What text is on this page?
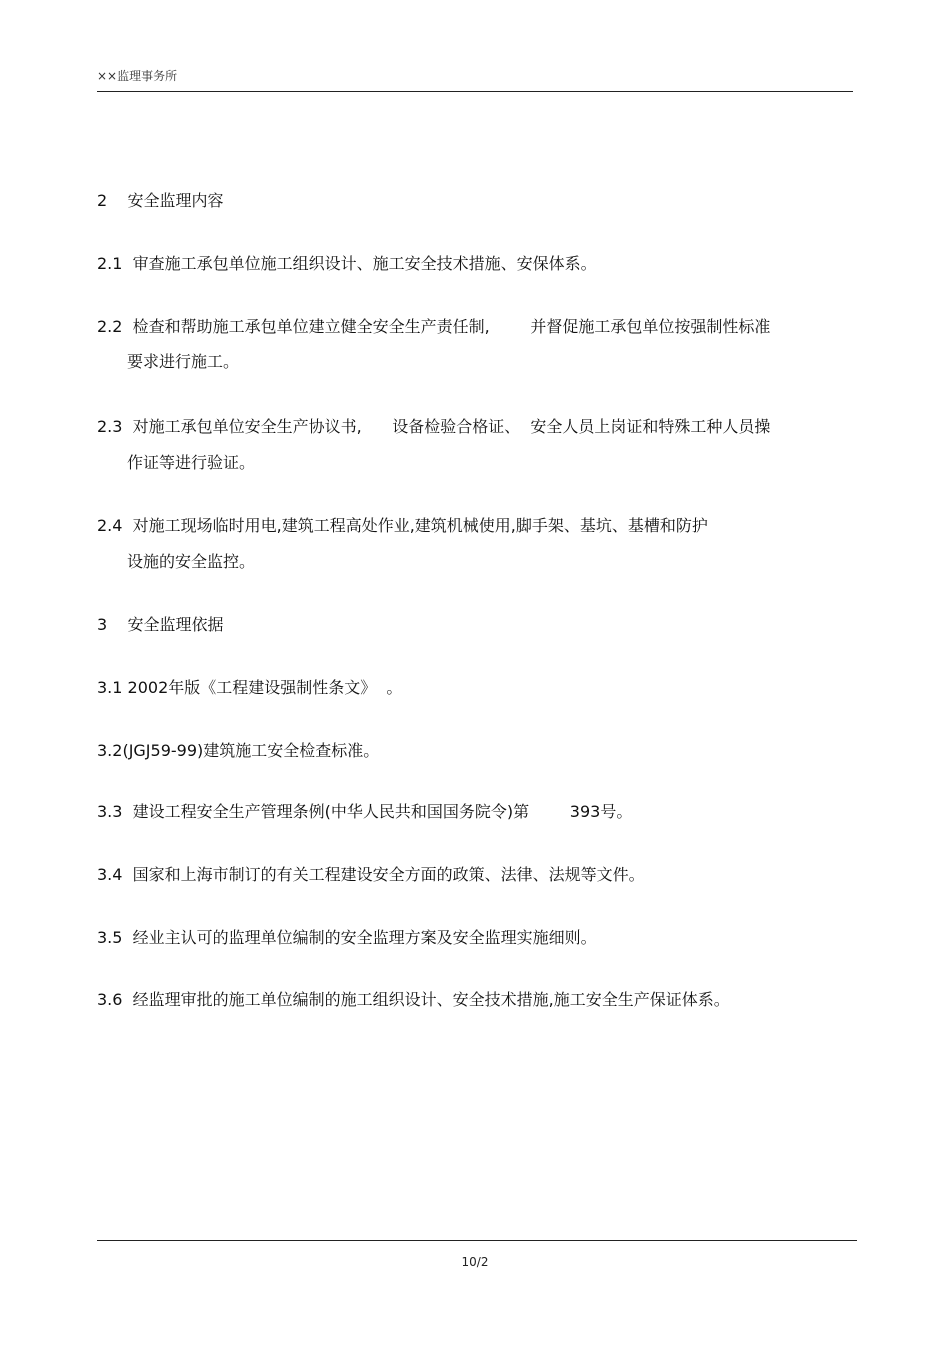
××监理事务所
2    安全监理内容
2.1  审查施工承包单位施工组织设计、施工安全技术措施、安保体系。
2.2  检查和帮助施工承包单位建立健全安全生产责任制,        并督促施工承包单位按强制性标准
要求进行施工。
2.3  对施工承包单位安全生产协议书,      设备检验合格证、  安全人员上岗证和特殊工种人员操
作证等进行验证。
2.4  对施工现场临时用电,建筑工程高处作业,建筑机械使用,脚手架、基坑、基槽和防护
设施的安全监控。
3    安全监理依据
3.1 2002年版《工程建设强制性条文》  。
3.2(JGJ59-99)建筑施工安全检查标准。
3.3  建设工程安全生产管理条例(中华人民共和国国务院令)第        393号。
3.4  国家和上海市制订的有关工程建设安全方面的政策、法律、法规等文件。
3.5  经业主认可的监理单位编制的安全监理方案及安全监理实施细则。
3.6  经监理审批的施工单位编制的施工组织设计、安全技术措施,施工安全生产保证体系。
10/2
